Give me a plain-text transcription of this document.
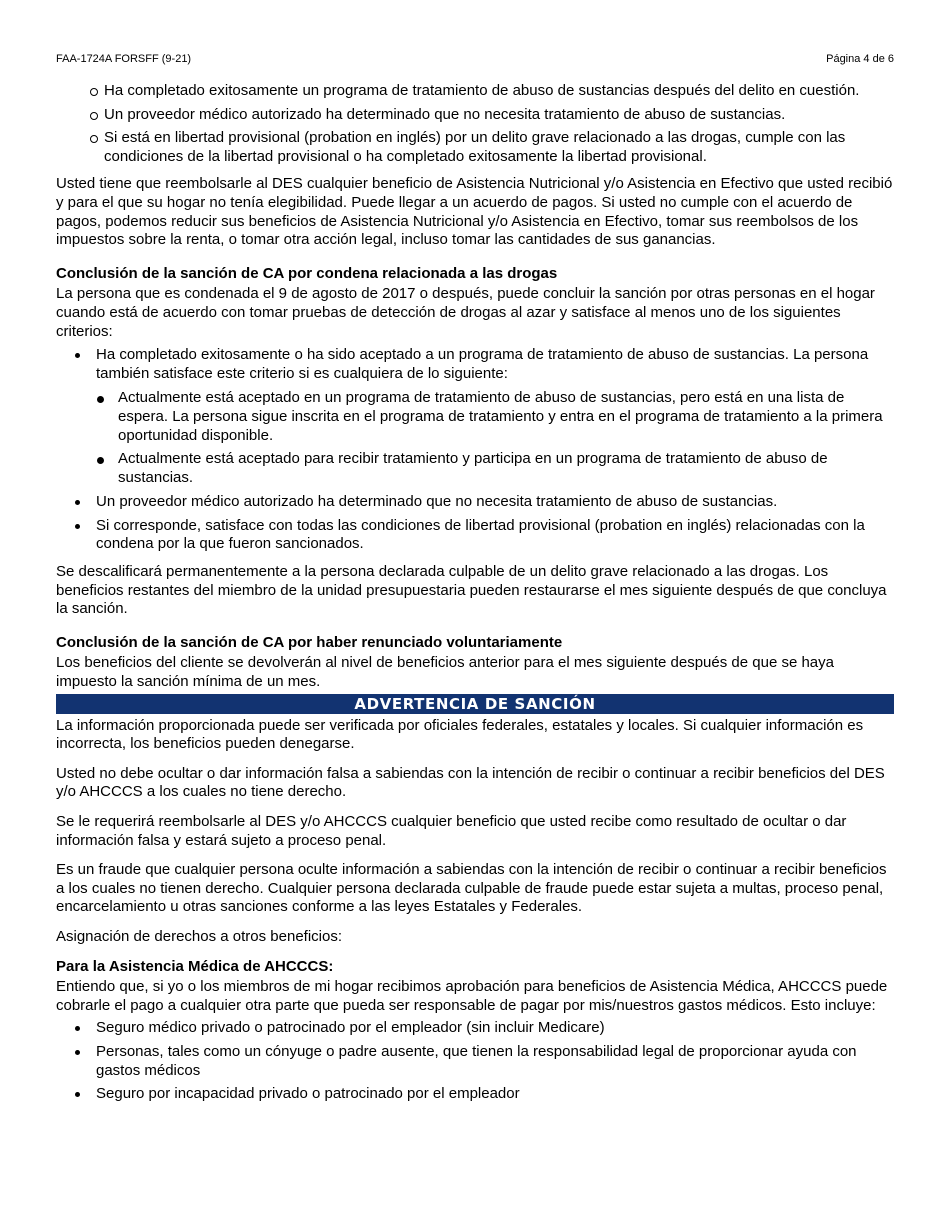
FAA-1724A FORSFF (9-21)	Página 4 de 6
Ha completado exitosamente un programa de tratamiento de abuso de sustancias después del delito en cuestión.
Un proveedor médico autorizado ha determinado que no necesita tratamiento de abuso de sustancias.
Si está en libertad provisional (probation en inglés) por un delito grave relacionado a las drogas, cumple con las condiciones de la libertad provisional o ha completado exitosamente la libertad provisional.

Usted tiene que reembolsarle al DES cualquier beneficio de Asistencia Nutricional y/o Asistencia en Efectivo que usted recibió y para el que su hogar no tenía elegibilidad. Puede llegar a un acuerdo de pagos. Si usted no cumple con el acuerdo de pagos, podemos reducir sus beneficios de Asistencia Nutricional y/o Asistencia en Efectivo, tomar sus reembolsos de los impuestos sobre la renta, o tomar otra acción legal, incluso tomar las cantidades de sus ganancias.

Conclusión de la sanción de CA por condena relacionada a las drogas

La persona que es condenada el 9 de agosto de 2017 o después, puede concluir la sanción por otras personas en el hogar cuando está de acuerdo con tomar pruebas de detección de drogas al azar y satisface al menos uno de los siguientes criterios:

Ha completado exitosamente o ha sido aceptado a un programa de tratamiento de abuso de sustancias. La persona también satisface este criterio si es cualquiera de lo siguiente:
Actualmente está aceptado en un programa de tratamiento de abuso de sustancias, pero está en una lista de espera. La persona sigue inscrita en el programa de tratamiento y entra en el programa de tratamiento a la primera oportunidad disponible.
Actualmente está aceptado para recibir tratamiento y participa en un programa de tratamiento de abuso de sustancias.
Un proveedor médico autorizado ha determinado que no necesita tratamiento de abuso de sustancias.
Si corresponde, satisface con todas las condiciones de libertad provisional (probation en inglés) relacionadas con la condena por la que fueron sancionados.

Se descalificará permanentemente a la persona declarada culpable de un delito grave relacionado a las drogas. Los beneficios restantes del miembro de la unidad presupuestaria pueden restaurarse el mes siguiente después de que concluya la sanción.

Conclusión de la sanción de CA por haber renunciado voluntariamente

Los beneficios del cliente se devolverán al nivel de beneficios anterior para el mes siguiente después de que se haya impuesto la sanción mínima de un mes.

ADVERTENCIA DE SANCIÓN

La información proporcionada puede ser verificada por oficiales federales, estatales y locales. Si cualquier información es incorrecta, los beneficios pueden denegarse.

Usted no debe ocultar o dar información falsa a sabiendas con la intención de recibir o continuar a recibir beneficios del DES y/o AHCCCS a los cuales no tiene derecho.

Se le requerirá reembolsarle al DES y/o AHCCCS cualquier beneficio que usted recibe como resultado de ocultar o dar información falsa y estará sujeto a proceso penal.

Es un fraude que cualquier persona oculte información a sabiendas con la intención de recibir o continuar a recibir beneficios a los cuales no tienen derecho. Cualquier persona declarada culpable de fraude puede estar sujeta a multas, proceso penal, encarcelamiento u otras sanciones conforme a las leyes Estatales y Federales.

Asignación de derechos a otros beneficios:

Para la Asistencia Médica de AHCCCS:

Entiendo que, si yo o los miembros de mi hogar recibimos aprobación para beneficios de Asistencia Médica, AHCCCS puede cobrarle el pago a cualquier otra parte que pueda ser responsable de pagar por mis/nuestros gastos médicos. Esto incluye:

Seguro médico privado o patrocinado por el empleador (sin incluir Medicare)
Personas, tales como un cónyuge o padre ausente, que tienen la responsabilidad legal de proporcionar ayuda con gastos médicos
Seguro por incapacidad privado o patrocinado por el empleador
